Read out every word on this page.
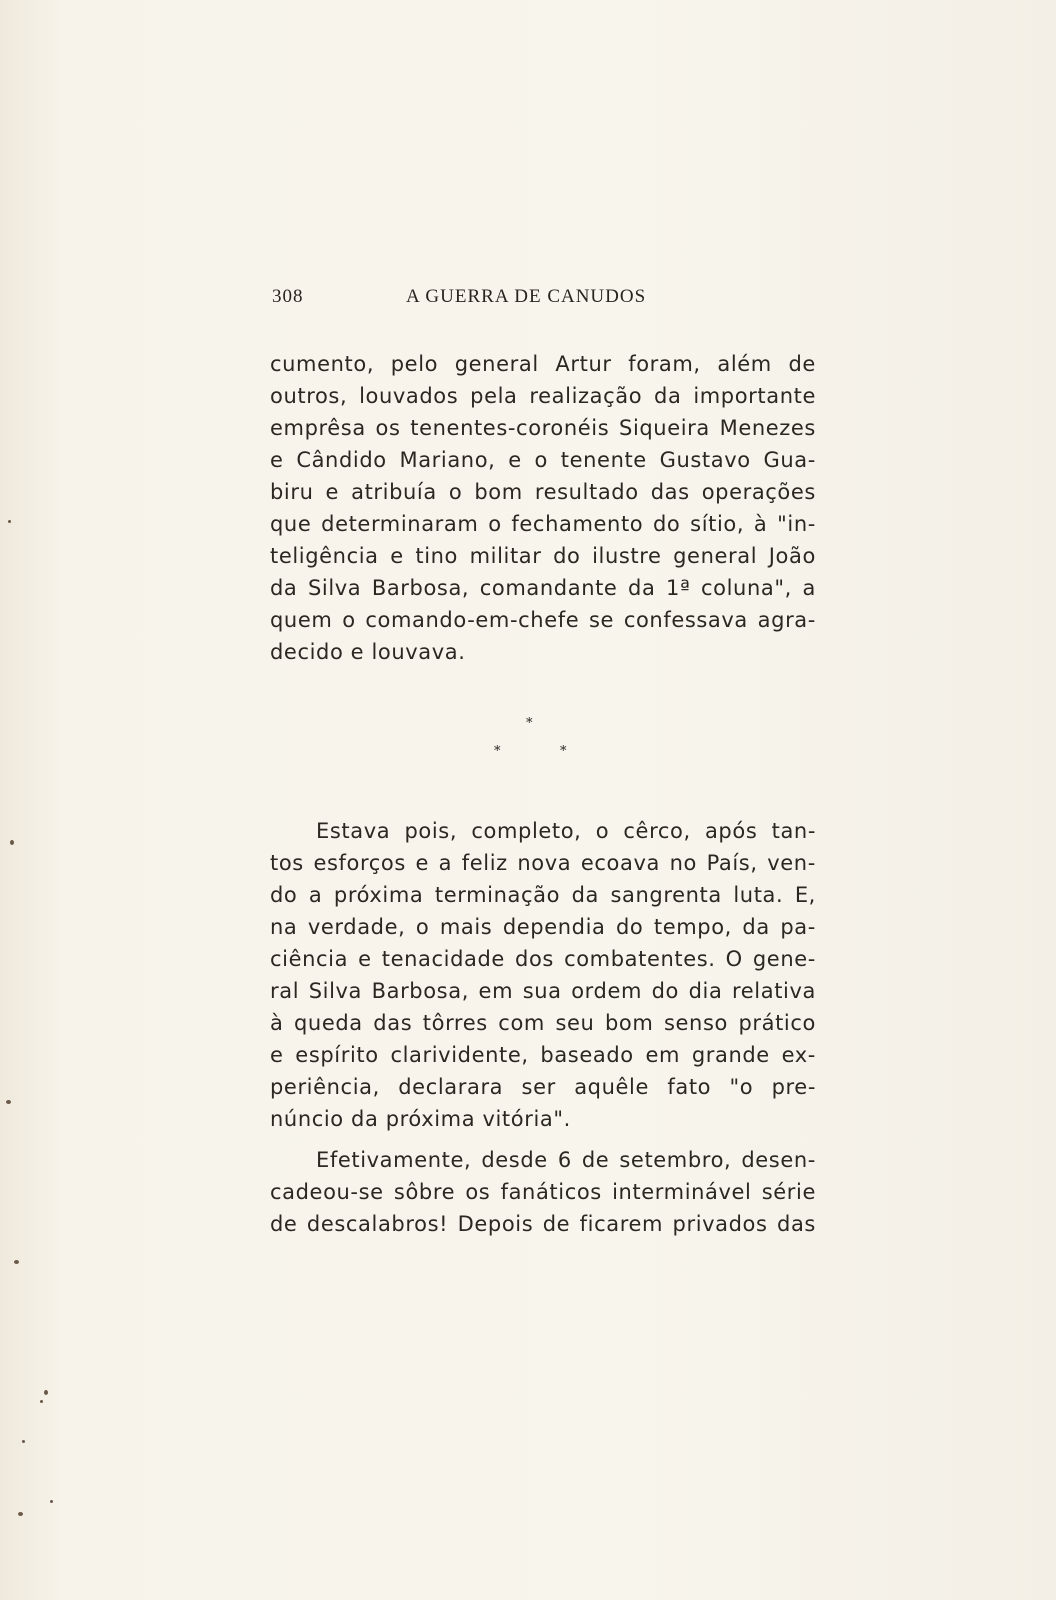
308	A GUERRA DE CANUDOS
cumento, pelo general Artur foram, além de
outros, louvados pela realização da importante
emprêsa os tenentes-coronéis Siqueira Menezes
e Cândido Mariano, e o tenente Gustavo Gua-
biru e atribuía o bom resultado das operações
que determinaram o fechamento do sítio, à "in-
teligência e tino militar do ilustre general João
da Silva Barbosa, comandante da 1ª coluna", a
quem o comando-em-chefe se confessava agra-
decido e louvava.
*
*	*
Estava pois, completo, o cêrco, após tan-
tos esforços e a feliz nova ecoava no País, ven-
do a próxima terminação da sangrenta luta. E,
na verdade, o mais dependia do tempo, da pa-
ciência e tenacidade dos combatentes. O gene-
ral Silva Barbosa, em sua ordem do dia relativa
à queda das tôrres com seu bom senso prático
e espírito clarividente, baseado em grande ex-
periência, declarara ser aquêle fato "o pre-
núncio da próxima vitória".
Efetivamente, desde 6 de setembro, desen-
cadeou-se sôbre os fanáticos interminável série
de descalabros! Depois de ficarem privados das
